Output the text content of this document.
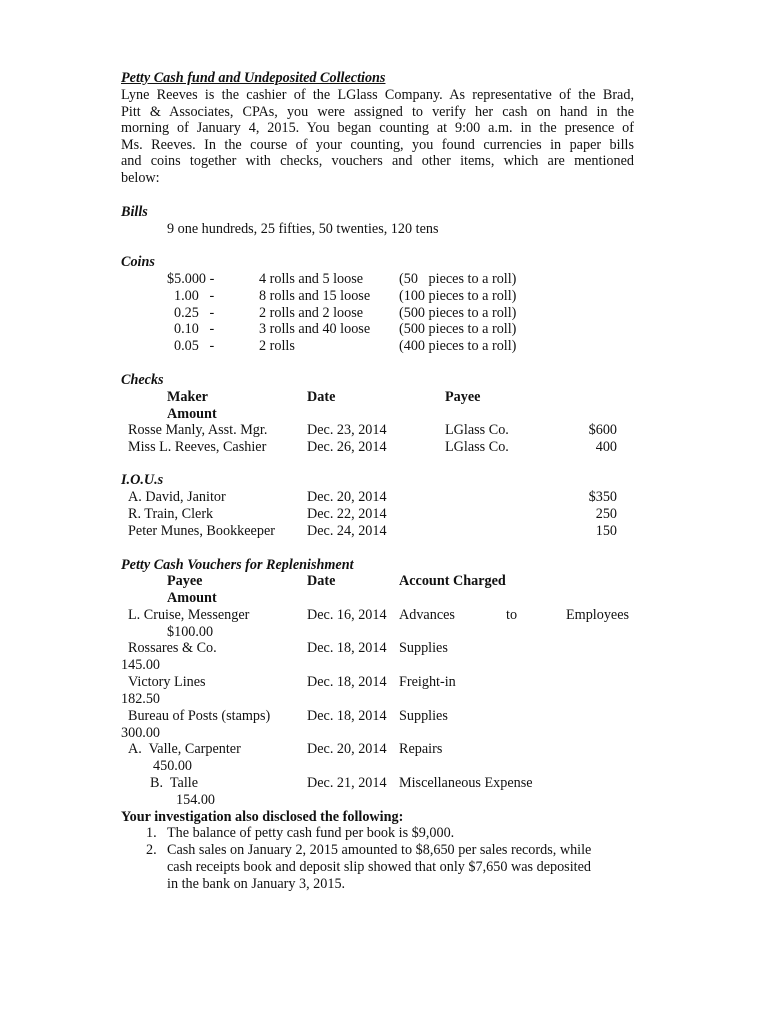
Petty Cash fund and Undeposited Collections
Lyne Reeves is the cashier of the LGlass Company. As representative of the Brad,
Pitt & Associates, CPAs, you were assigned to verify her cash on hand in the
morning of January 4, 2015. You began counting at 9:00 a.m. in the presence of
Ms. Reeves. In the course of your counting, you found currencies in paper bills
and coins together with checks, vouchers and other items, which are mentioned
below:
Bills
9 one hundreds, 25 fifties, 50 twenties, 120 tens
Coins
$5.000 -	4 rolls and 5 loose	(50   pieces to a roll)
1.00   -	8 rolls and 15 loose (100 pieces to a roll)
0.25   -	2 rolls and 2 loose	(500 pieces to a roll)
0.10   -	3 rolls and 40 loose (500 pieces to a roll)
0.05   -	2 rolls	(400 pieces to a roll)
Checks
Maker	Date	Payee
Amount
Rosse Manly, Asst. Mgr.	Dec. 23, 2014	LGlass Co.	$600
Miss L. Reeves, Cashier	Dec. 26, 2014	LGlass Co.	400
I.O.U.s
A. David, Janitor	Dec. 20, 2014	$350
R. Train, Clerk	Dec. 22, 2014	250
Peter Munes, Bookkeeper Dec. 24, 2014	150
Petty Cash Vouchers for Replenishment
Payee	Date	Account Charged
Amount
L. Cruise, Messenger	Dec. 16, 2014 Advances	to	Employees
$100.00
Rossares & Co.	Dec. 18, 2014 Supplies
145.00
Victory Lines	Dec. 18, 2014 Freight-in
182.50
Bureau of Posts (stamps)	Dec. 18, 2014 Supplies
300.00
A.  Valle, Carpenter	Dec. 20, 2014 Repairs
450.00
B.  Talle	Dec. 21, 2014 Miscellaneous Expense
154.00
Your investigation also disclosed the following:
1. The balance of petty cash fund per book is $9,000.
2. Cash sales on January 2, 2015 amounted to $8,650 per sales records, while
cash receipts book and deposit slip showed that only $7,650 was deposited
in the bank on January 3, 2015.
